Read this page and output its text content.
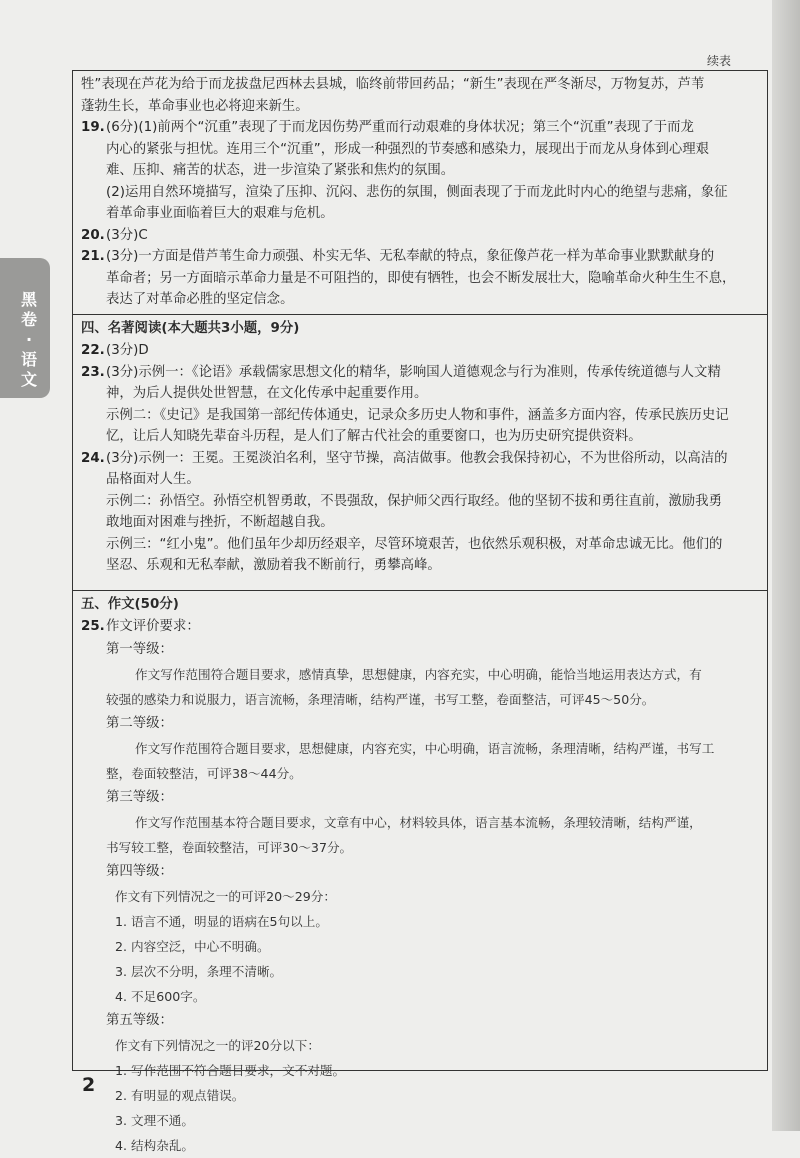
续表
黑卷·语文
牲”表现在芦花为给于而龙拔盘尼西林去县城，临终前带回药品；“新生”表现在严冬渐尽，万物复苏，芦苇
蓬勃生长，革命事业也必将迎来新生。
19. (6分)(1)前两个“沉重”表现了于而龙因伤势严重而行动艰难的身体状况；第三个“沉重”表现了于而龙
内心的紧张与担忧。连用三个“沉重”，形成一种强烈的节奏感和感染力，展现出于而龙从身体到心理艰
难、压抑、痛苦的状态，进一步渲染了紧张和焦灼的氛围。
(2)运用自然环境描写，渲染了压抑、沉闷、悲伤的氛围，侧面表现了于而龙此时内心的绝望与悲痛，象征
着革命事业面临着巨大的艰难与危机。
20. (3分)C
21. (3分)一方面是借芦苇生命力顽强、朴实无华、无私奉献的特点，象征像芦花一样为革命事业默默献身的
革命者；另一方面暗示革命力量是不可阻挡的，即使有牺牲，也会不断发展壮大，隐喻革命火种生生不息，
表达了对革命必胜的坚定信念。
四、名著阅读(本大题共3小题，9分)
22. (3分)D
23. (3分)示例一：《论语》承载儒家思想文化的精华，影响国人道德观念与行为准则，传承传统道德与人文精
神，为后人提供处世智慧，在文化传承中起重要作用。
示例二：《史记》是我国第一部纪传体通史，记录众多历史人物和事件，涵盖多方面内容，传承民族历史记
忆，让后人知晓先辈奋斗历程，是人们了解古代社会的重要窗口，也为历史研究提供资料。
24. (3分)示例一：王冕。王冕淡泊名利，坚守节操，高洁做事。他教会我保持初心，不为世俗所动，以高洁的
品格面对人生。
示例二：孙悟空。孙悟空机智勇敢，不畏强敌，保护师父西行取经。他的坚韧不拔和勇往直前，激励我勇
敢地面对困难与挫折，不断超越自我。
示例三：“红小鬼”。他们虽年少却历经艰辛，尽管环境艰苦，也依然乐观积极，对革命忠诚无比。他们的
坚忍、乐观和无私奉献，激励着我不断前行，勇攀高峰。
五、作文(50分)
25. 作文评价要求：
第一等级：
作文写作范围符合题目要求，感情真挚，思想健康，内容充实，中心明确，能恰当地运用表达方式，有
较强的感染力和说服力，语言流畅，条理清晰，结构严谨，书写工整，卷面整洁，可评45～50分。
第二等级：
作文写作范围符合题目要求，思想健康，内容充实，中心明确，语言流畅，条理清晰，结构严谨，书写工
整，卷面较整洁，可评38～44分。
第三等级：
作文写作范围基本符合题目要求，文章有中心，材料较具体，语言基本流畅，条理较清晰，结构严谨，
书写较工整，卷面较整洁，可评30～37分。
第四等级：
作文有下列情况之一的可评20～29分：
1. 语言不通，明显的语病在5句以上。
2. 内容空泛，中心不明确。
3. 层次不分明，条理不清晰。
4. 不足600字。
第五等级：
作文有下列情况之一的评20分以下：
1. 写作范围不符合题目要求，文不对题。
2. 有明显的观点错误。
3. 文理不通。
4. 结构杂乱。
2
